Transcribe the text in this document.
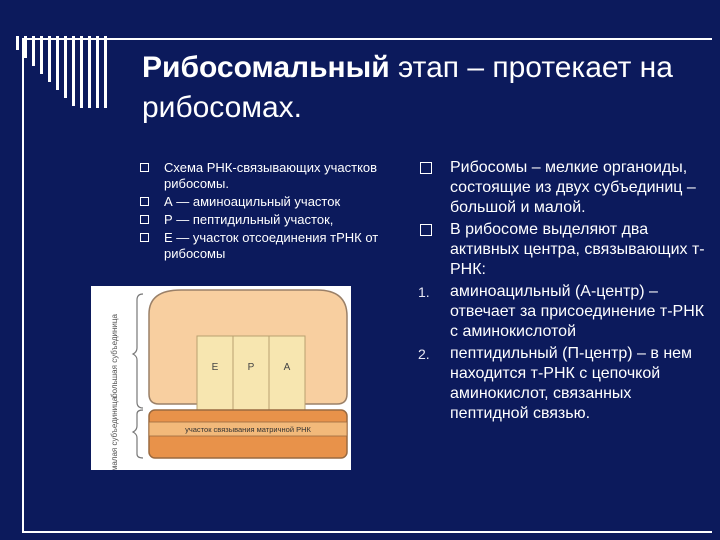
Рибосомальный этап – протекает на рибосомах.
Схема РНК-связывающих участков рибосомы.
А — аминоацильный участок
Р — пептидильный участок,
Е — участок отсоединения тРНК от рибосомы
большая субъединица
малая субъединица
E	P	A
участок связывания матричной РНК
Рибосомы – мелкие органоиды, состоящие из двух субъединиц – большой и малой.
В рибосоме выделяют два активных центра, связывающих т-РНК:
1. аминоацильный (А-центр) – отвечает за присоединение т-РНК с аминокислотой
2. пептидильный (П-центр) – в нем находится т-РНК с цепочкой аминокислот, связанных пептидной связью.
